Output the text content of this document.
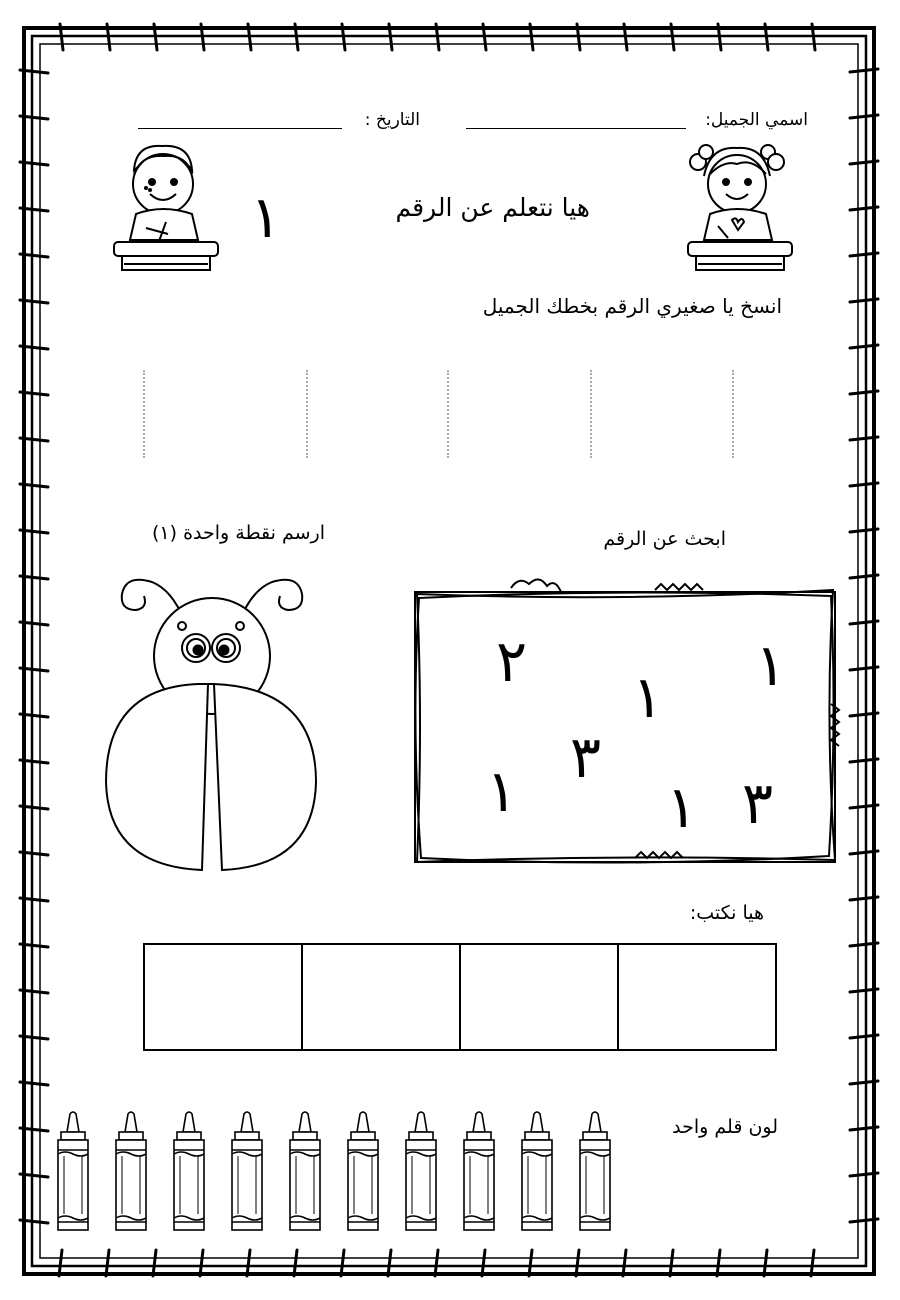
اسمي الجميل:
التاريخ :
هيا نتعلم عن الرقم
١
انسخ يا صغيري الرقم بخطك الجميل
ابحث عن الرقم
ارسم نقطة واحدة (١)
٢
١ ١
٣
١	١ ٣
هيا نكتب:
لون قلم واحد
